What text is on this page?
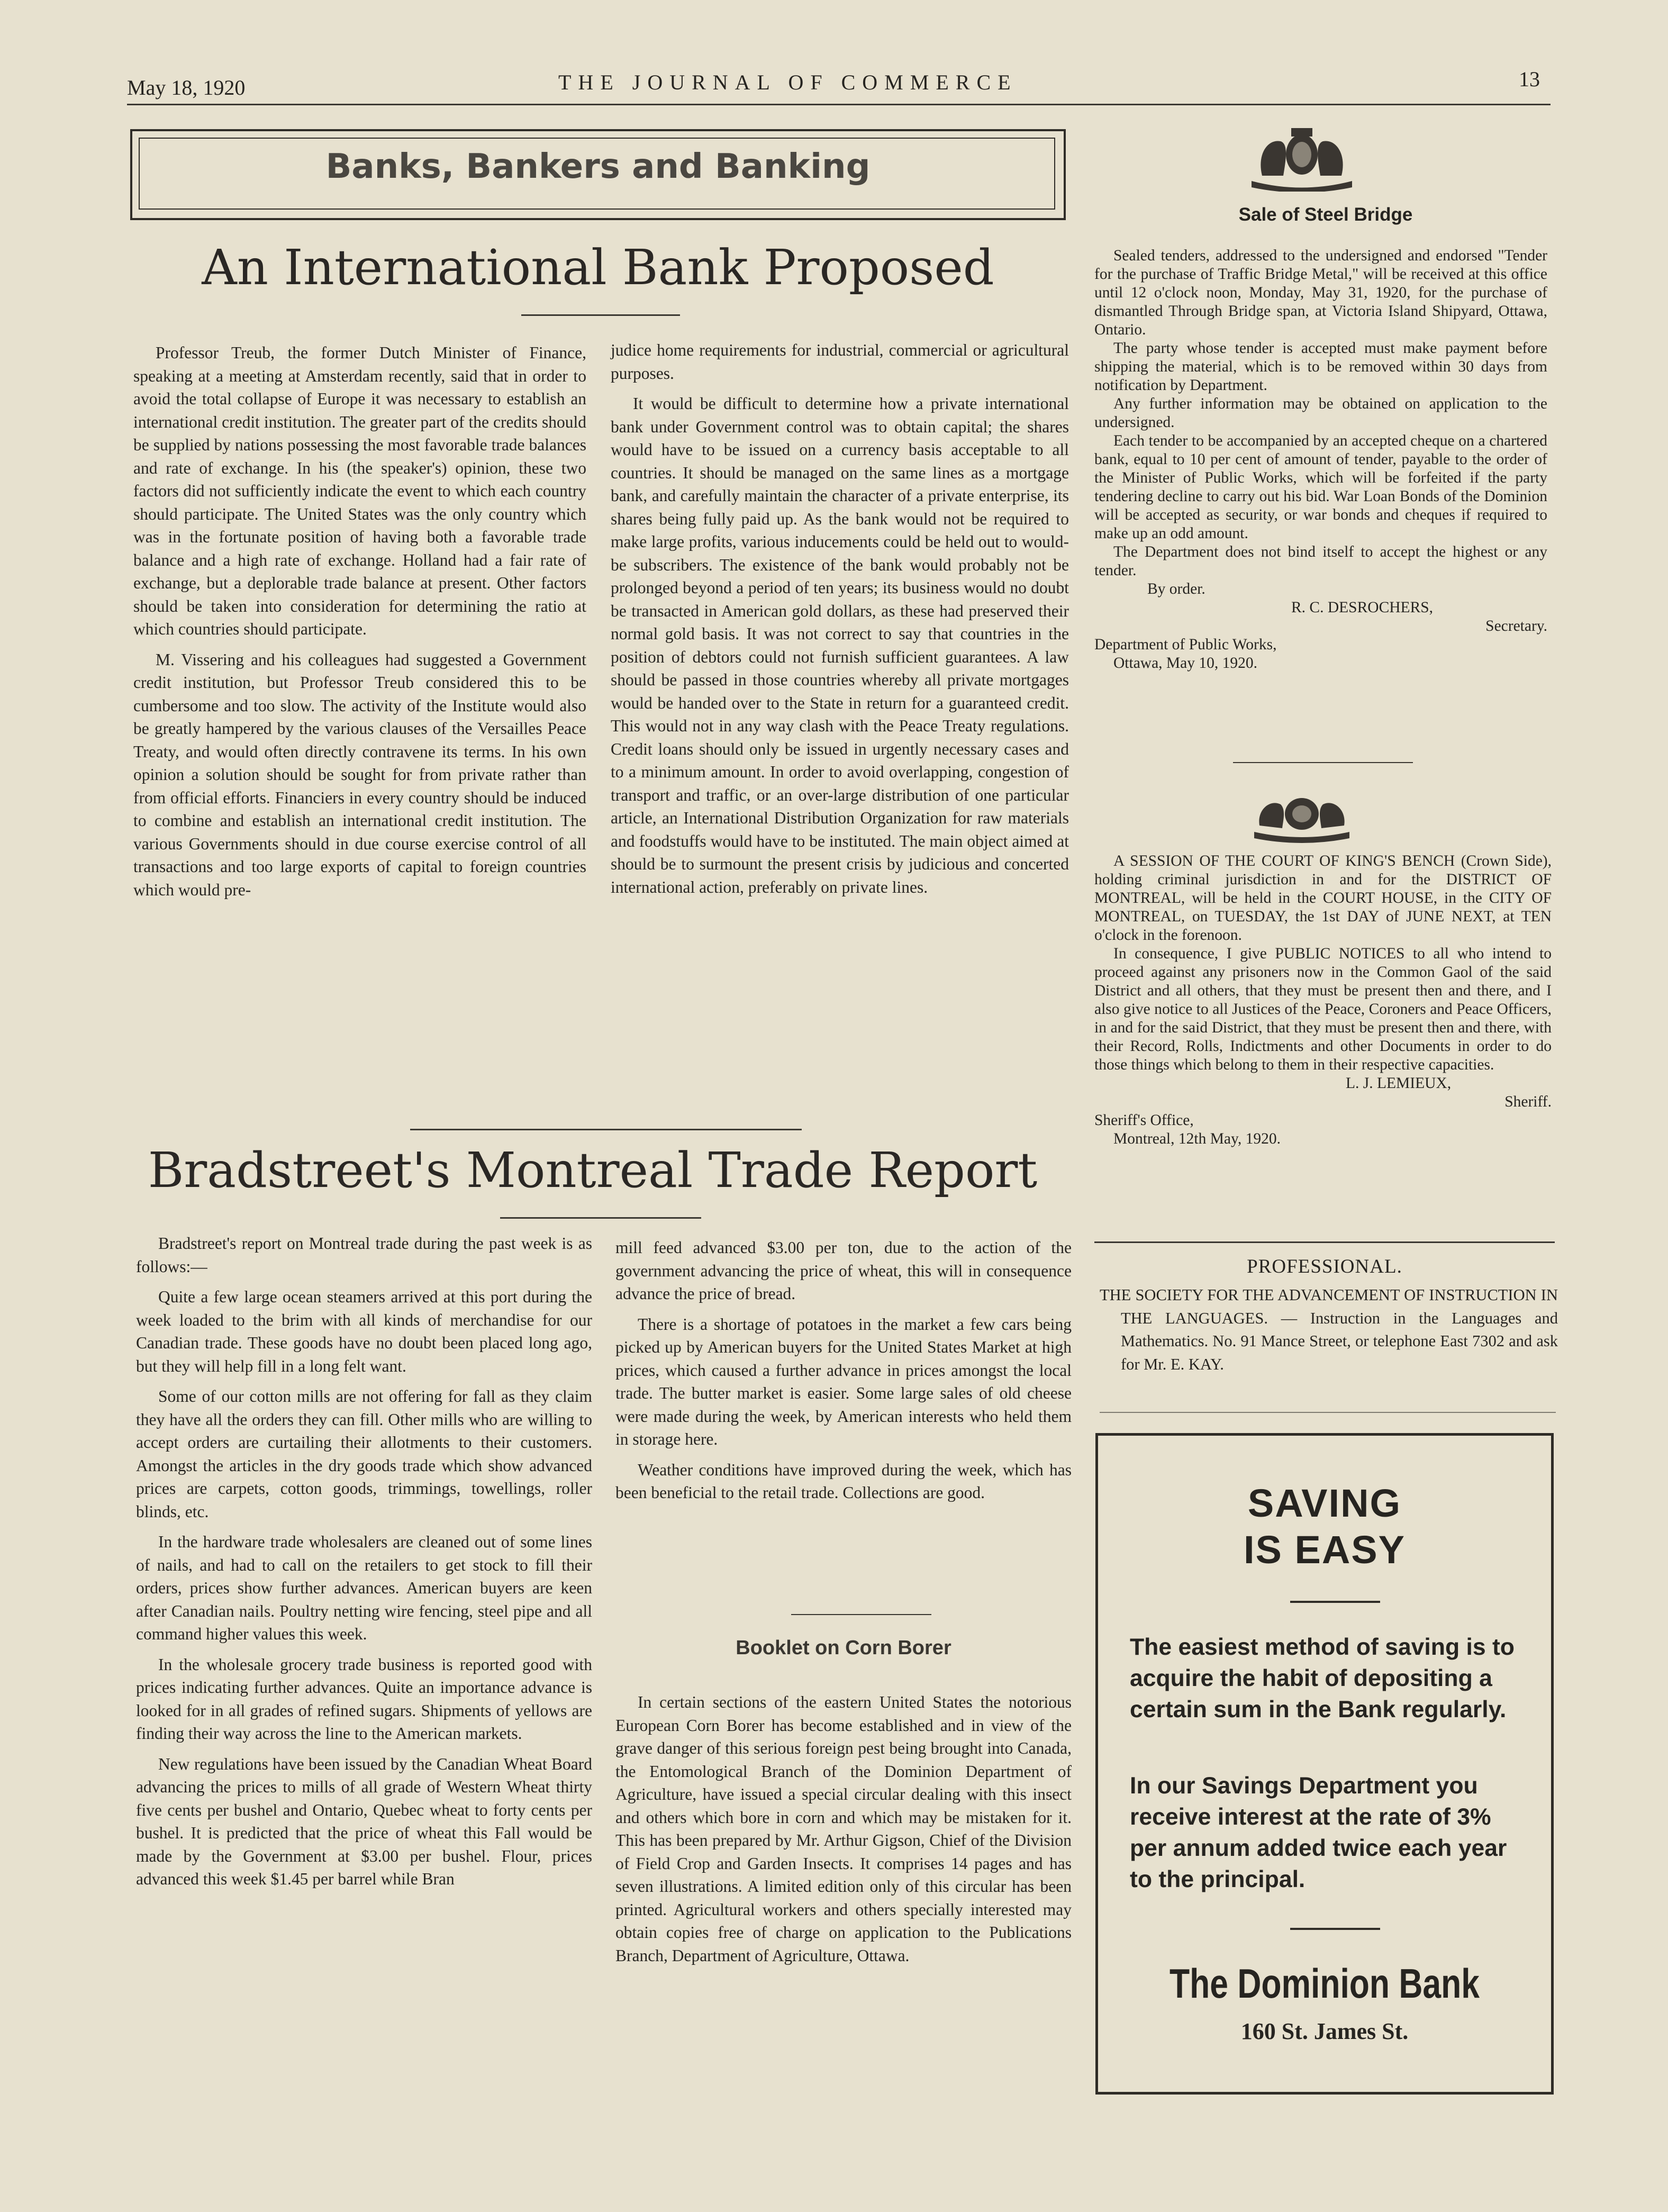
May 18, 1920	THE JOURNAL OF COMMERCE	13
Banks, Bankers and Banking
An International Bank Proposed

Professor Treub, the former Dutch Minister of Finance, speaking at a meeting at Amsterdam recently, said that in order to avoid the total collapse of Europe it was necessary to establish an international credit institution. The greater part of the credits should be supplied by nations possessing the most favorable trade balances and rate of exchange. In his (the speaker's) opinion, these two factors did not sufficiently indicate the event to which each country should participate. The United States was the only country which was in the fortunate position of having both a favorable trade balance and a high rate of exchange. Holland had a fair rate of exchange, but a deplorable trade balance at present. Other factors should be taken into consideration for determining the ratio at which countries should participate.

M. Vissering and his colleagues had suggested a Government credit institution, but Professor Treub considered this to be cumbersome and too slow. The activity of the Institute would also be greatly hampered by the various clauses of the Versailles Peace Treaty, and would often directly contravene its terms. In his own opinion a solution should be sought for from private rather than from official efforts. Financiers in every country should be induced to combine and establish an international credit institution. The various Governments should in due course exercise control of all transactions and too large exports of capital to foreign countries which would pre-

judice home requirements for industrial, commercial or agricultural purposes.

It would be difficult to determine how a private international bank under Government control was to obtain capital; the shares would have to be issued on a currency basis acceptable to all countries. It should be managed on the same lines as a mortgage bank, and carefully maintain the character of a private enterprise, its shares being fully paid up. As the bank would not be required to make large profits, various inducements could be held out to would-be subscribers. The existence of the bank would probably not be prolonged beyond a period of ten years; its business would no doubt be transacted in American gold dollars, as these had preserved their normal gold basis. It was not correct to say that countries in the position of debtors could not furnish sufficient guarantees. A law should be passed in those countries whereby all private mortgages would be handed over to the State in return for a guaranteed credit. This would not in any way clash with the Peace Treaty regulations. Credit loans should only be issued in urgently necessary cases and to a minimum amount. In order to avoid overlapping, congestion of transport and traffic, or an over-large distribution of one particular article, an International Distribution Organization for raw materials and foodstuffs would have to be instituted. The main object aimed at should be to surmount the present crisis by judicious and concerted international action, preferably on private lines.

Bradstreet's Montreal Trade Report

Bradstreet's report on Montreal trade during the past week is as follows:—

Quite a few large ocean steamers arrived at this port during the week loaded to the brim with all kinds of merchandise for our Canadian trade. These goods have no doubt been placed long ago, but they will help fill in a long felt want.

Some of our cotton mills are not offering for fall as they claim they have all the orders they can fill. Other mills who are willing to accept orders are curtailing their allotments to their customers. Amongst the articles in the dry goods trade which show advanced prices are carpets, cotton goods, trimmings, towellings, roller blinds, etc.

In the hardware trade wholesalers are cleaned out of some lines of nails, and had to call on the retailers to get stock to fill their orders, prices show further advances. American buyers are keen after Canadian nails. Poultry netting wire fencing, steel pipe and all command higher values this week.

In the wholesale grocery trade business is reported good with prices indicating further advances. Quite an importance advance is looked for in all grades of refined sugars. Shipments of yellows are finding their way across the line to the American markets.

New regulations have been issued by the Canadian Wheat Board advancing the prices to mills of all grade of Western Wheat thirty five cents per bushel and Ontario, Quebec wheat to forty cents per bushel. It is predicted that the price of wheat this Fall would be made by the Government at $3.00 per bushel. Flour, prices advanced this week $1.45 per barrel while Bran

mill feed advanced $3.00 per ton, due to the action of the government advancing the price of wheat, this will in consequence advance the price of bread.

There is a shortage of potatoes in the market a few cars being picked up by American buyers for the United States Market at high prices, which caused a further advance in prices amongst the local trade. The butter market is easier. Some large sales of old cheese were made during the week, by American interests who held them in storage here.

Weather conditions have improved during the week, which has been beneficial to the retail trade. Collections are good.

Booklet on Corn Borer

In certain sections of the eastern United States the notorious European Corn Borer has become established and in view of the grave danger of this serious foreign pest being brought into Canada, the Entomological Branch of the Dominion Department of Agriculture, have issued a special circular dealing with this insect and others which bore in corn and which may be mistaken for it. This has been prepared by Mr. Arthur Gigson, Chief of the Division of Field Crop and Garden Insects. It comprises 14 pages and has seven illustrations. A limited edition only of this circular has been printed. Agricultural workers and others specially interested may obtain copies free of charge on application to the Publications Branch, Department of Agriculture, Ottawa.

Sale of Steel Bridge

Sealed tenders, addressed to the undersigned and endorsed "Tender for the purchase of Traffic Bridge Metal," will be received at this office until 12 o'clock noon, Monday, May 31, 1920, for the purchase of dismantled Through Bridge span, at Victoria Island Shipyard, Ottawa, Ontario.

The party whose tender is accepted must make payment before shipping the material, which is to be removed within 30 days from notification by Department.

Any further information may be obtained on application to the undersigned.

Each tender to be accompanied by an accepted cheque on a chartered bank, equal to 10 per cent of amount of tender, payable to the order of the Minister of Public Works, which will be forfeited if the party tendering decline to carry out his bid. War Loan Bonds of the Dominion will be accepted as security, or war bonds and cheques if required to make up an odd amount.

The Department does not bind itself to accept the highest or any tender.

By order.
R. C. DESROCHERS,
Secretary.
Department of Public Works,
Ottawa, May 10, 1920.

A SESSION OF THE COURT OF KING'S BENCH (Crown Side), holding criminal jurisdiction in and for the DISTRICT OF MONTREAL, will be held in the COURT HOUSE, in the CITY OF MONTREAL, on TUESDAY, the 1st DAY of JUNE NEXT, at TEN o'clock in the forenoon.

In consequence, I give PUBLIC NOTICES to all who intend to proceed against any prisoners now in the Common Gaol of the said District and all others, that they must be present then and there, and I also give notice to all Justices of the Peace, Coroners and Peace Officers, in and for the said District, that they must be present then and there, with their Record, Rolls, Indictments and other Documents in order to do those things which belong to them in their respective capacities.

L. J. LEMIEUX,
Sheriff.
Sheriff's Office,
Montreal, 12th May, 1920.
PROFESSIONAL.

THE SOCIETY FOR THE ADVANCEMENT OF INSTRUCTION IN THE LANGUAGES. — Instruction in the Languages and Mathematics. No. 91 Mance Street, or telephone East 7302 and ask for Mr. E. KAY.

SAVING
IS EASY
The easiest method of saving is to acquire the habit of depositing a certain sum in the Bank regularly.
In our Savings Department you receive interest at the rate of 3% per annum added twice each year to the principal.
The Dominion Bank
160 St. James St.
